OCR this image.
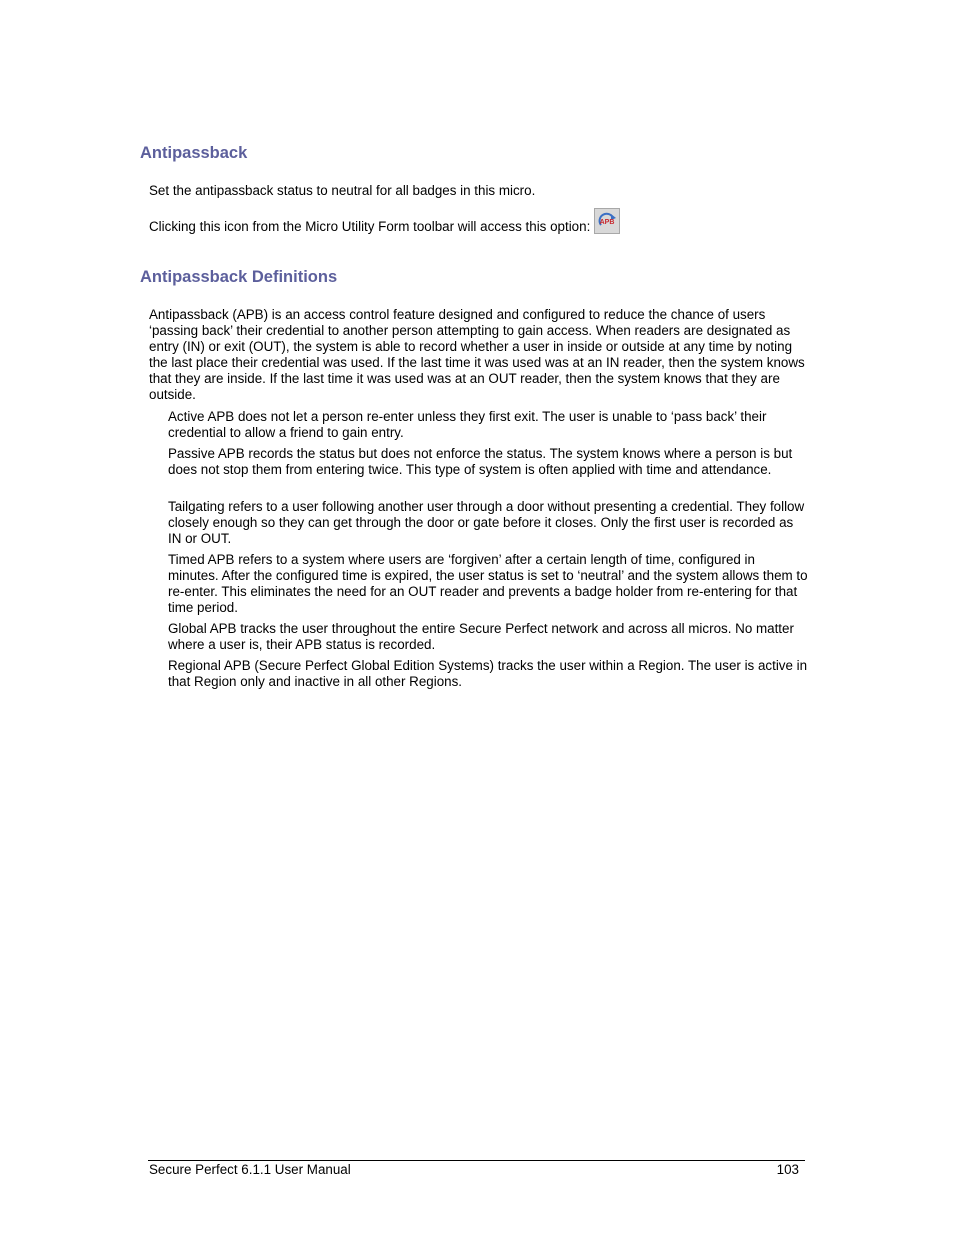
Antipassback

Set the antipassback status to neutral for all badges in this micro.

Clicking this icon from the Micro Utility Form toolbar will access this option: APB
Antipassback Definitions

Antipassback (APB) is an access control feature designed and configured to reduce the chance of users ‘passing back’ their credential to another person attempting to gain access. When readers are designated as entry (IN) or exit (OUT), the system is able to record whether a user in inside or outside at any time by noting the last place their credential was used. If the last time it was used was at an IN reader, then the system knows that they are inside. If the last time it was used was at an OUT reader, then the system knows that they are outside.

Active APB does not let a person re-enter unless they first exit. The user is unable to ‘pass back’ their credential to allow a friend to gain entry.

Passive APB records the status but does not enforce the status. The system knows where a person is but does not stop them from entering twice. This type of system is often applied with time and attendance.

Tailgating refers to a user following another user through a door without presenting a credential. They follow closely enough so they can get through the door or gate before it closes. Only the first user is recorded as IN or OUT.

Timed APB refers to a system where users are ‘forgiven’ after a certain length of time, configured in minutes. After the configured time is expired, the user status is set to ‘neutral’ and the system allows them to re-enter. This eliminates the need for an OUT reader and prevents a badge holder from re-entering for that time period.

Global APB tracks the user throughout the entire Secure Perfect network and across all micros. No matter where a user is, their APB status is recorded.

Regional APB (Secure Perfect Global Edition Systems) tracks the user within a Region. The user is active in that Region only and inactive in all other Regions.

Secure Perfect 6.1.1 User Manual	103
